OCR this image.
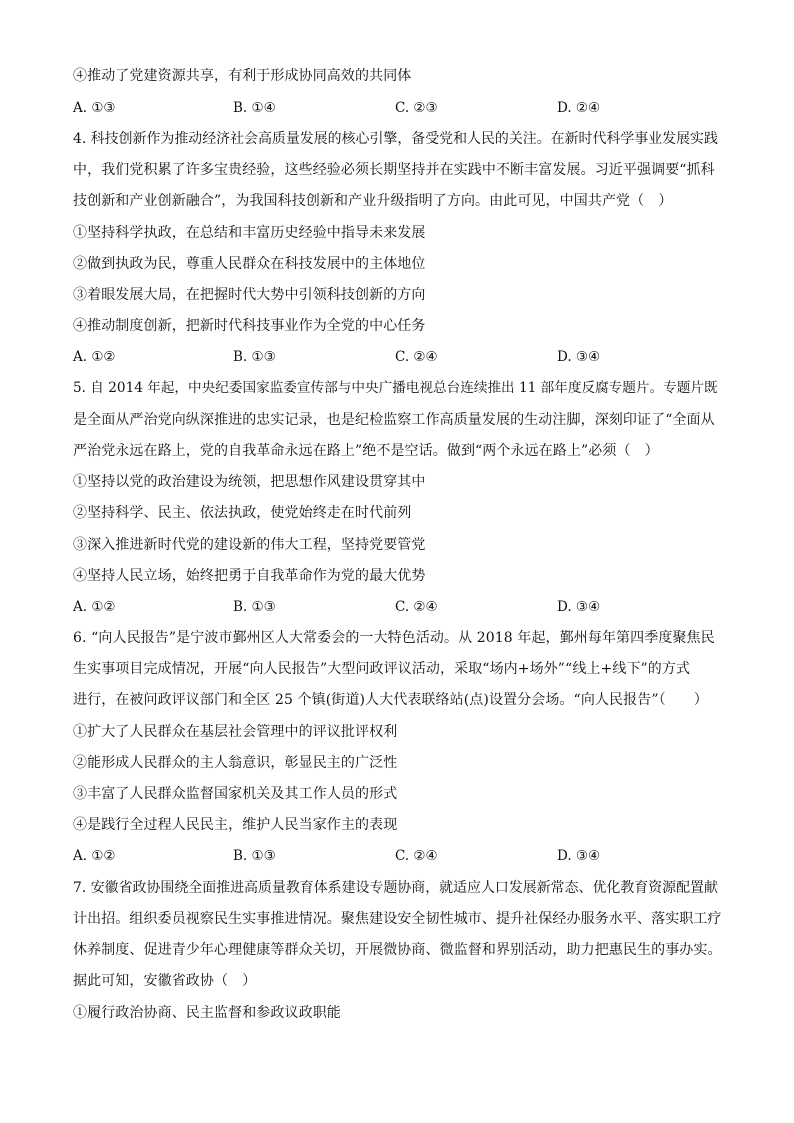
④推动了党建资源共享，有利于形成协同高效的共同体
A. ①③	B. ①④	C. ②③	D. ②④
4. 科技创新作为推动经济社会高质量发展的核心引擎，备受党和人民的关注。在新时代科学事业发展实践
中，我们党积累了许多宝贵经验，这些经验必须长期坚持并在实践中不断丰富发展。习近平强调要“抓科
技创新和产业创新融合”，为我国科技创新和产业升级指明了方向。由此可见，中国共产党（　）
①坚持科学执政，在总结和丰富历史经验中指导未来发展
②做到执政为民，尊重人民群众在科技发展中的主体地位
③着眼发展大局，在把握时代大势中引领科技创新的方向
④推动制度创新，把新时代科技事业作为全党的中心任务
A. ①②	B. ①③	C. ②④	D. ③④
5. 自 2014 年起，中央纪委国家监委宣传部与中央广播电视总台连续推出 11 部年度反腐专题片。专题片既
是全面从严治党向纵深推进的忠实记录，也是纪检监察工作高质量发展的生动注脚，深刻印证了“全面从
严治党永远在路上，党的自我革命永远在路上”绝不是空话。做到“两个永远在路上”必须（　）
①坚持以党的政治建设为统领，把思想作风建设贯穿其中
②坚持科学、民主、依法执政，使党始终走在时代前列
③深入推进新时代党的建设新的伟大工程，坚持党要管党
④坚持人民立场，始终把勇于自我革命作为党的最大优势
A. ①②	B. ①③	C. ②④	D. ③④
6. “向人民报告”是宁波市鄞州区人大常委会的一大特色活动。从 2018 年起，鄞州每年第四季度聚焦民
生实事项目完成情况，开展“向人民报告”大型问政评议活动，采取“场内+场外”“线上+线下”的方式
进行，在被问政评议部门和全区 25 个镇(街道)人大代表联络站(点)设置分会场。“向人民报告”（　　）
①扩大了人民群众在基层社会管理中的评议批评权利
②能形成人民群众的主人翁意识，彰显民主的广泛性
③丰富了人民群众监督国家机关及其工作人员的形式
④是践行全过程人民民主，维护人民当家作主的表现
A. ①②	B. ①③	C. ②④	D. ③④
7. 安徽省政协围绕全面推进高质量教育体系建设专题协商，就适应人口发展新常态、优化教育资源配置献
计出招。组织委员视察民生实事推进情况。聚焦建设安全韧性城市、提升社保经办服务水平、落实职工疗
休养制度、促进青少年心理健康等群众关切，开展微协商、微监督和界别活动，助力把惠民生的事办实。
据此可知，安徽省政协（　）
①履行政治协商、民主监督和参政议政职能
